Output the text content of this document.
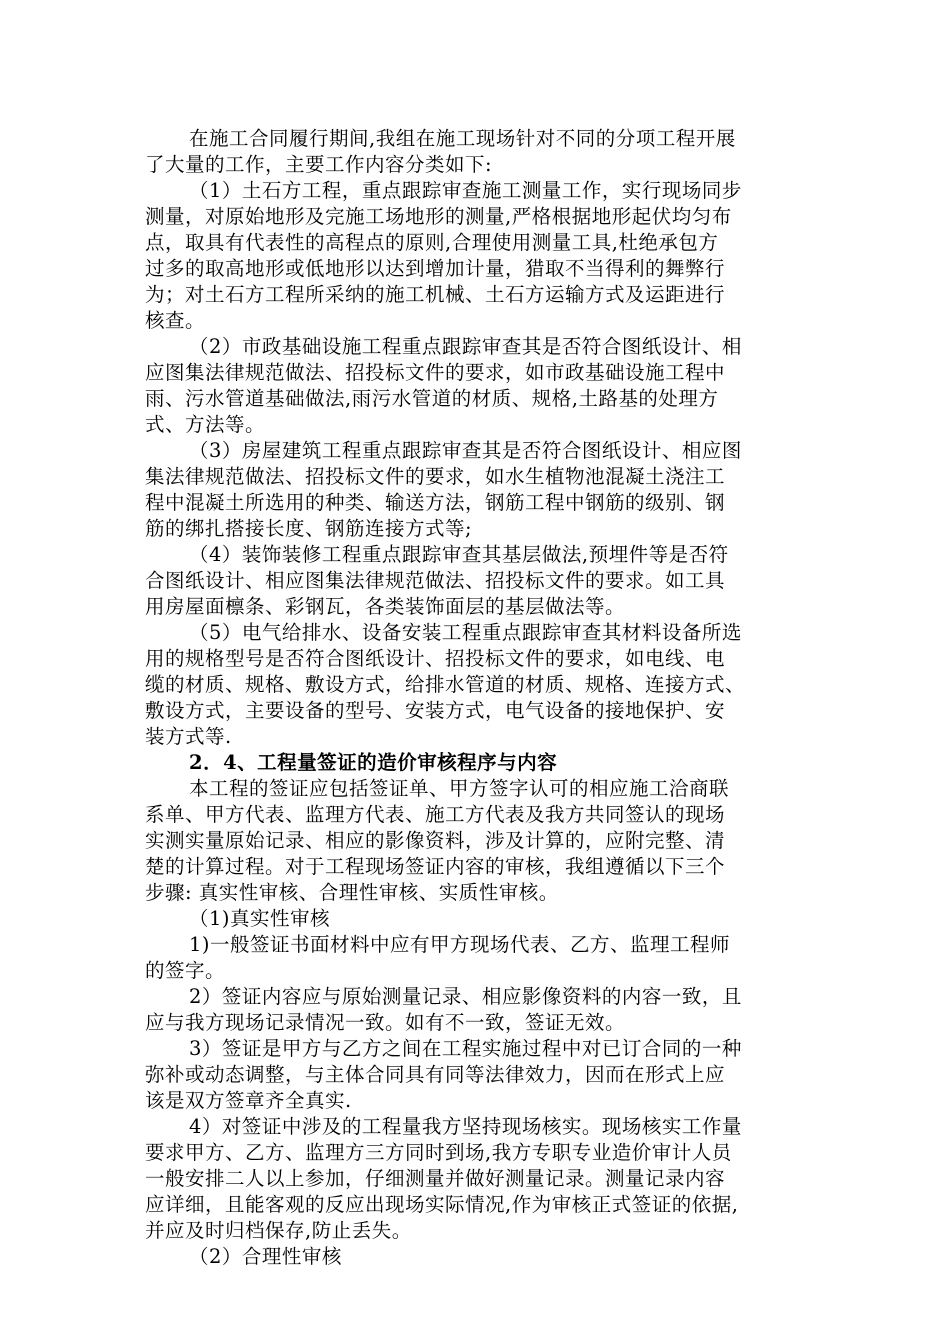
在施工合同履行期间,我组在施工现场针对不同的分项工程开展
了大量的工作，主要工作内容分类如下:
（1）土石方工程，重点跟踪审查施工测量工作，实行现场同步
测量，对原始地形及完施工场地形的测量,严格根据地形起伏均匀布
点，取具有代表性的高程点的原则,合理使用测量工具,杜绝承包方
过多的取高地形或低地形以达到增加计量，猎取不当得利的舞弊行
为；对土石方工程所采纳的施工机械、土石方运输方式及运距进行
核查。
（2）市政基础设施工程重点跟踪审查其是否符合图纸设计、相
应图集法律规范做法、招投标文件的要求，如市政基础设施工程中
雨、污水管道基础做法,雨污水管道的材质、规格,土路基的处理方
式、方法等。
（3）房屋建筑工程重点跟踪审查其是否符合图纸设计、相应图
集法律规范做法、招投标文件的要求，如水生植物池混凝土浇注工
程中混凝土所选用的种类、输送方法，钢筋工程中钢筋的级别、钢
筋的绑扎搭接长度、钢筋连接方式等;
（4）装饰装修工程重点跟踪审查其基层做法,预埋件等是否符
合图纸设计、相应图集法律规范做法、招投标文件的要求。如工具
用房屋面檩条、彩钢瓦，各类装饰面层的基层做法等。
（5）电气给排水、设备安装工程重点跟踪审查其材料设备所选
用的规格型号是否符合图纸设计、招投标文件的要求，如电线、电
缆的材质、规格、敷设方式，给排水管道的材质、规格、连接方式、
敷设方式，主要设备的型号、安装方式，电气设备的接地保护、安
装方式等.
2．4、工程量签证的造价审核程序与内容
本工程的签证应包括签证单、甲方签字认可的相应施工洽商联
系单、甲方代表、监理方代表、施工方代表及我方共同签认的现场
实测实量原始记录、相应的影像资料，涉及计算的，应附完整、清
楚的计算过程。对于工程现场签证内容的审核，我组遵循以下三个
步骤: 真实性审核、合理性审核、实质性审核。
（1)真实性审核
1)一般签证书面材料中应有甲方现场代表、乙方、监理工程师
的签字。
2）签证内容应与原始测量记录、相应影像资料的内容一致，且
应与我方现场记录情况一致。如有不一致，签证无效。
3）签证是甲方与乙方之间在工程实施过程中对已订合同的一种
弥补或动态调整，与主体合同具有同等法律效力，因而在形式上应
该是双方签章齐全真实.
4）对签证中涉及的工程量我方坚持现场核实。现场核实工作量
要求甲方、乙方、监理方三方同时到场,我方专职专业造价审计人员
一般安排二人以上参加，仔细测量并做好测量记录。测量记录内容
应详细，且能客观的反应出现场实际情况,作为审核正式签证的依据,
并应及时归档保存,防止丢失。
（2）合理性审核
